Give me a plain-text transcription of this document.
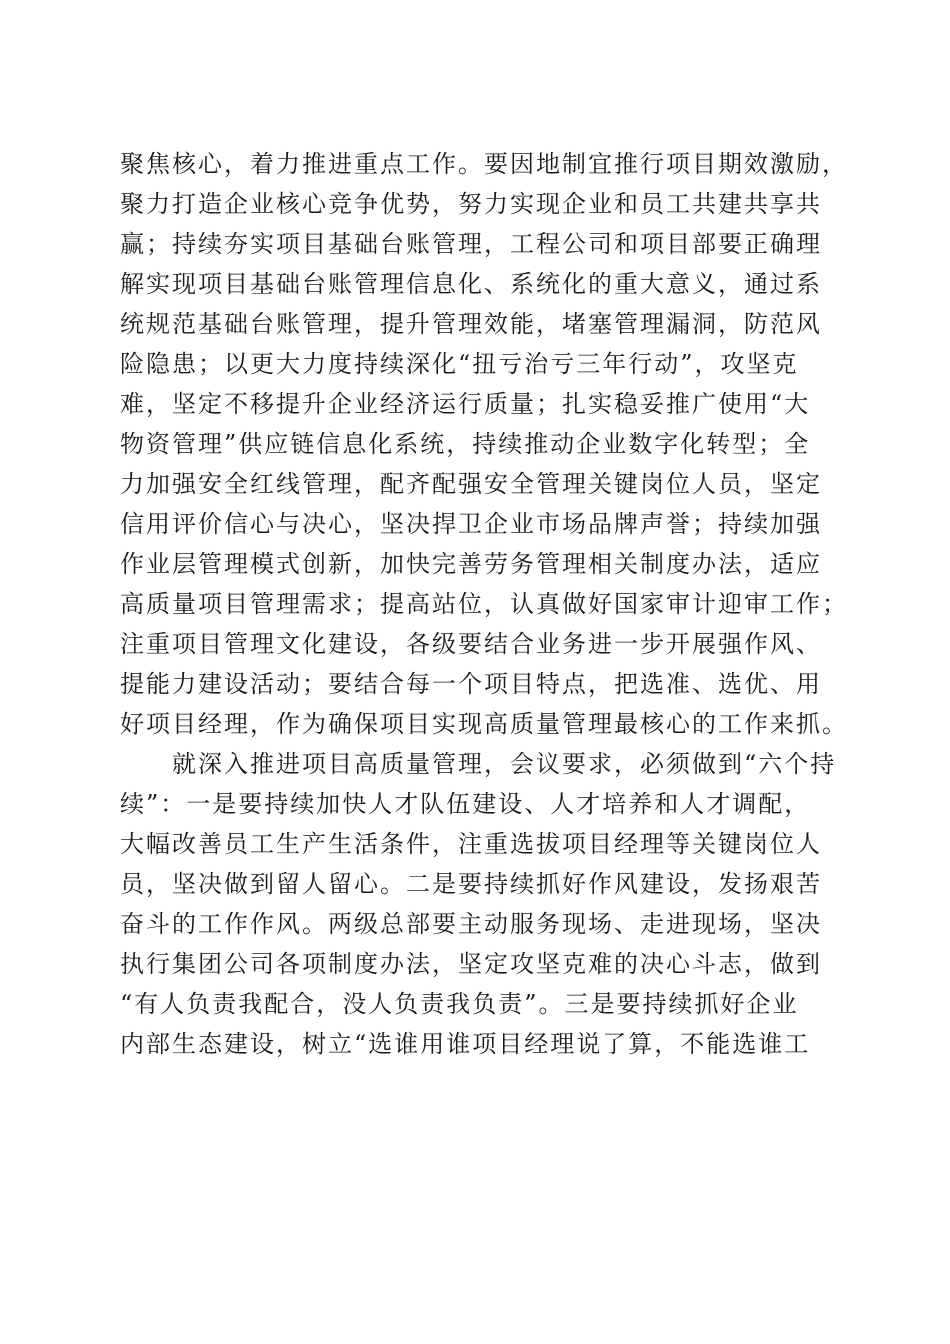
聚焦核心，着力推进重点工作。要因地制宜推行项目期效激励，
聚力打造企业核心竞争优势，努力实现企业和员工共建共享共
赢；持续夯实项目基础台账管理，工程公司和项目部要正确理
解实现项目基础台账管理信息化、系统化的重大意义，通过系
统规范基础台账管理，提升管理效能，堵塞管理漏洞，防范风
险隐患；以更大力度持续深化“扭亏治亏三年行动”，攻坚克
难，坚定不移提升企业经济运行质量；扎实稳妥推广使用“大
物资管理”供应链信息化系统，持续推动企业数字化转型；全
力加强安全红线管理，配齐配强安全管理关键岗位人员，坚定
信用评价信心与决心，坚决捍卫企业市场品牌声誉；持续加强
作业层管理模式创新，加快完善劳务管理相关制度办法，适应
高质量项目管理需求；提高站位，认真做好国家审计迎审工作；
注重项目管理文化建设，各级要结合业务进一步开展强作风、
提能力建设活动；要结合每一个项目特点，把选准、选优、用
好项目经理，作为确保项目实现高质量管理最核心的工作来抓。
　　就深入推进项目高质量管理，会议要求，必须做到“六个持
续”：一是要持续加快人才队伍建设、人才培养和人才调配，
大幅改善员工生产生活条件，注重选拔项目经理等关键岗位人
员，坚决做到留人留心。二是要持续抓好作风建设，发扬艰苦
奋斗的工作作风。两级总部要主动服务现场、走进现场，坚决
执行集团公司各项制度办法，坚定攻坚克难的决心斗志，做到
“有人负责我配合，没人负责我负责”。三是要持续抓好企业
内部生态建设，树立“选谁用谁项目经理说了算，不能选谁工
